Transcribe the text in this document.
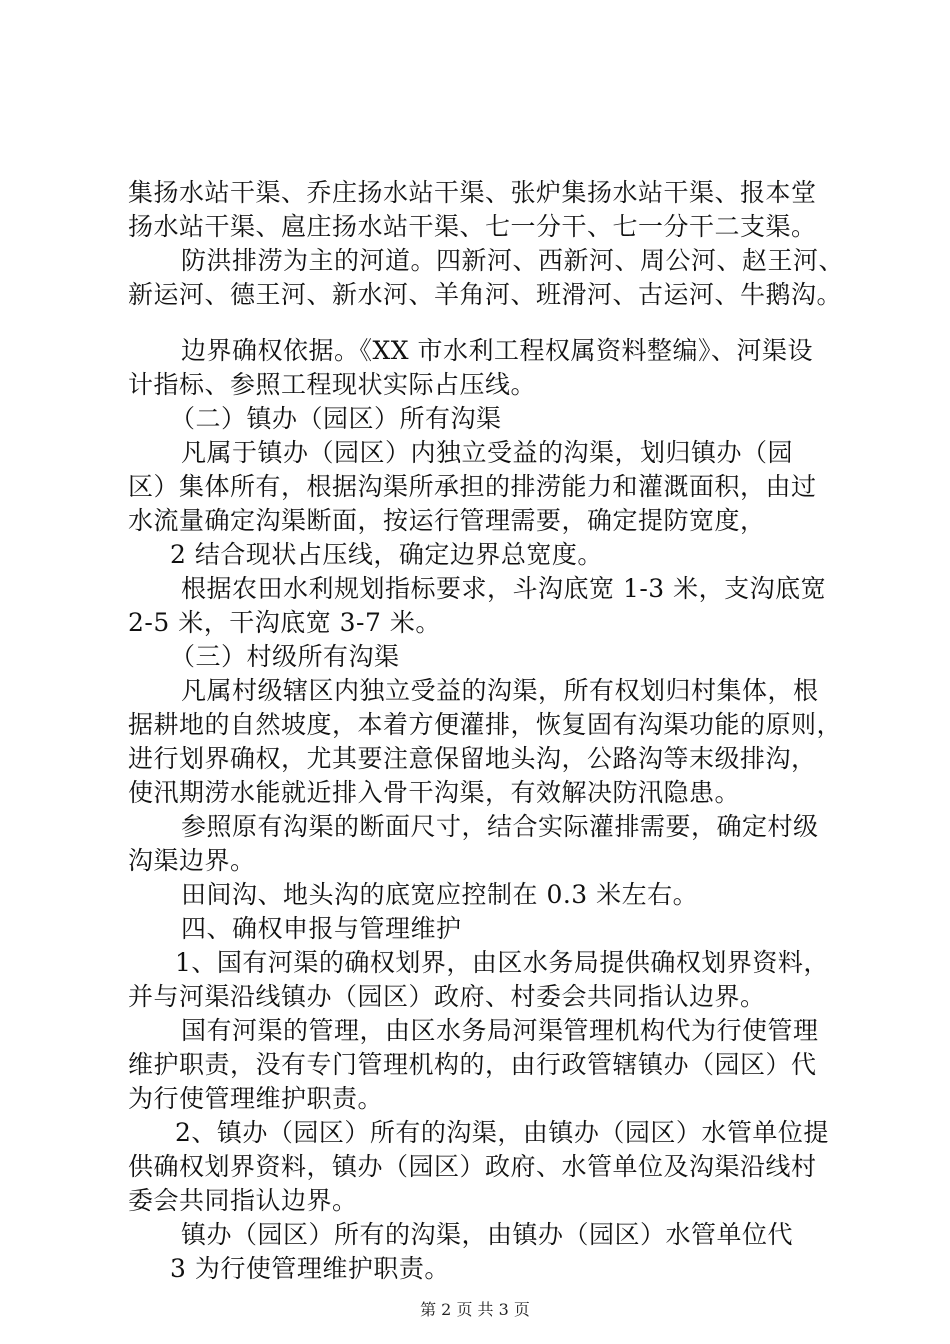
集扬水站干渠、乔庄扬水站干渠、张炉集扬水站干渠、报本堂
扬水站干渠、扈庄扬水站干渠、七一分干、七一分干二支渠。
防洪排涝为主的河道。四新河、西新河、周公河、赵王河、
新运河、德王河、新水河、羊角河、班滑河、古运河、牛鹅沟。
边界确权依据。《XX 市水利工程权属资料整编》、河渠设
计指标、参照工程现状实际占压线。
（二）镇办（园区）所有沟渠
凡属于镇办（园区）内独立受益的沟渠，划归镇办（园
区）集体所有，根据沟渠所承担的排涝能力和灌溉面积，由过
水流量确定沟渠断面，按运行管理需要，确定提防宽度，
2 结合现状占压线，确定边界总宽度。
根据农田水利规划指标要求，斗沟底宽 1-3 米，支沟底宽
2-5 米，干沟底宽 3-7 米。
（三）村级所有沟渠
凡属村级辖区内独立受益的沟渠，所有权划归村集体，根
据耕地的自然坡度，本着方便灌排，恢复固有沟渠功能的原则，
进行划界确权，尤其要注意保留地头沟，公路沟等末级排沟，
使汛期涝水能就近排入骨干沟渠，有效解决防汛隐患。
参照原有沟渠的断面尺寸，结合实际灌排需要，确定村级
沟渠边界。
田间沟、地头沟的底宽应控制在 0.3 米左右。
四、确权申报与管理维护
1、国有河渠的确权划界，由区水务局提供确权划界资料，
并与河渠沿线镇办（园区）政府、村委会共同指认边界。
国有河渠的管理，由区水务局河渠管理机构代为行使管理
维护职责，没有专门管理机构的，由行政管辖镇办（园区）代
为行使管理维护职责。
2、镇办（园区）所有的沟渠，由镇办（园区）水管单位提
供确权划界资料，镇办（园区）政府、水管单位及沟渠沿线村
委会共同指认边界。
镇办（园区）所有的沟渠，由镇办（园区）水管单位代
3 为行使管理维护职责。
第 2 页 共 3 页
